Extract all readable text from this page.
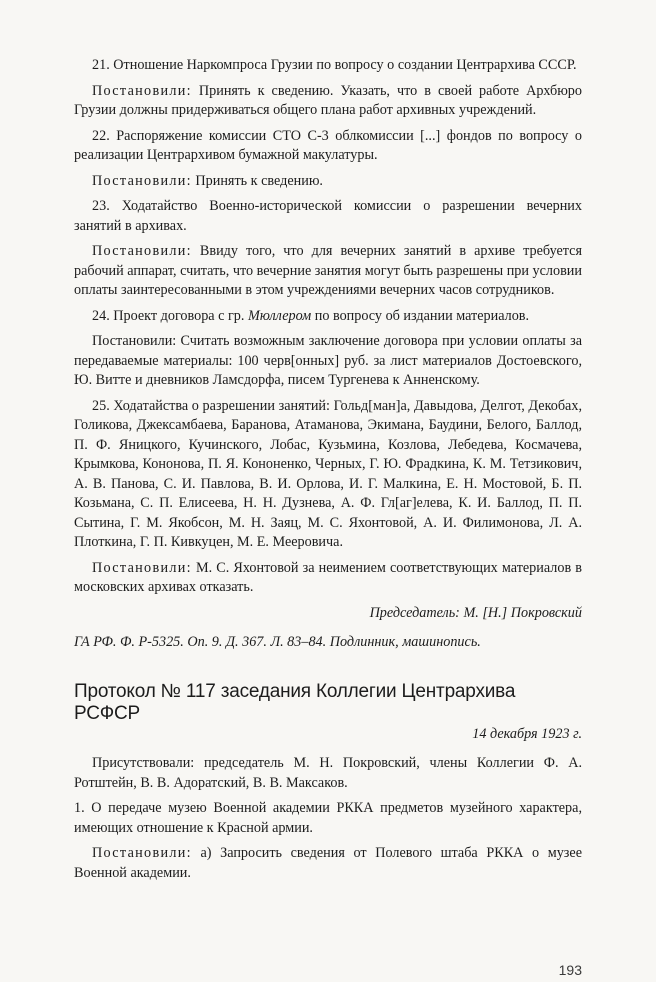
21. Отношение Наркомпроса Грузии по вопросу о создании Центрархива СССР.

Постановили: Принять к сведению. Указать, что в своей работе Архбюро Грузии должны придерживаться общего плана работ архивных учреждений.

22. Распоряжение комиссии СТО С-3 облкомиссии [...] фондов по вопросу о реализации Центрархивом бумажной макулатуры.

Постановили: Принять к сведению.

23. Ходатайство Военно-исторической комиссии о разрешении вечерних занятий в архивах.

Постановили: Ввиду того, что для вечерних занятий в архиве требуется рабочий аппарат, считать, что вечерние занятия могут быть разрешены при условии оплаты заинтересованными в этом учреждениями вечерних часов сотрудников.

24. Проект договора с гр. Мюллером по вопросу об издании материалов.

Постановили: Считать возможным заключение договора при условии оплаты за передаваемые материалы: 100 черв[онных] руб. за лист материалов Достоевского, Ю. Витте и дневников Ламсдорфа, писем Тургенева к Анненскому.

25. Ходатайства о разрешении занятий: Гольд[ман]а, Давыдова, Делгот, Декобах, Голикова, Джексамбаева, Баранова, Атаманова, Экимана, Баудини, Белого, Баллод, П. Ф. Яницкого, Кучинского, Лобас, Кузьмина, Козлова, Лебедева, Космачева, Крымкова, Кононова, П. Я. Кононенко, Черных, Г. Ю. Фрадкина, К. М. Тетзикович, А. В. Панова, С. И. Павлова, В. И. Орлова, И. Г. Малкина, Е. Н. Мостовой, Б. П. Козьмана, С. П. Елисеева, Н. Н. Дузнева, А. Ф. Гл[аг]елева, К. И. Баллод, П. П. Сытина, Г. М. Якобсон, М. Н. Заяц, М. С. Яхонтовой, А. И. Филимонова, Л. А. Плоткина, Г. П. Кивкуцен, М. Е. Мееровича.

Постановили: М. С. Яхонтовой за неимением соответствующих материалов в московских архивах отказать.

Председатель: М. [Н.] Покровский

ГА РФ. Ф. Р-5325. Оп. 9. Д. 367. Л. 83–84. Подлинник, машинопись.

Протокол № 117 заседания Коллегии Центрархива РСФСР

14 декабря 1923 г.

Присутствовали: председатель М. Н. Покровский, члены Коллегии Ф. А. Ротштейн, В. В. Адоратский, В. В. Максаков.

1. О передаче музею Военной академии РККА предметов музейного характера, имеющих отношение к Красной армии.

Постановили: а) Запросить сведения от Полевого штаба РККА о музее Военной академии.

193
